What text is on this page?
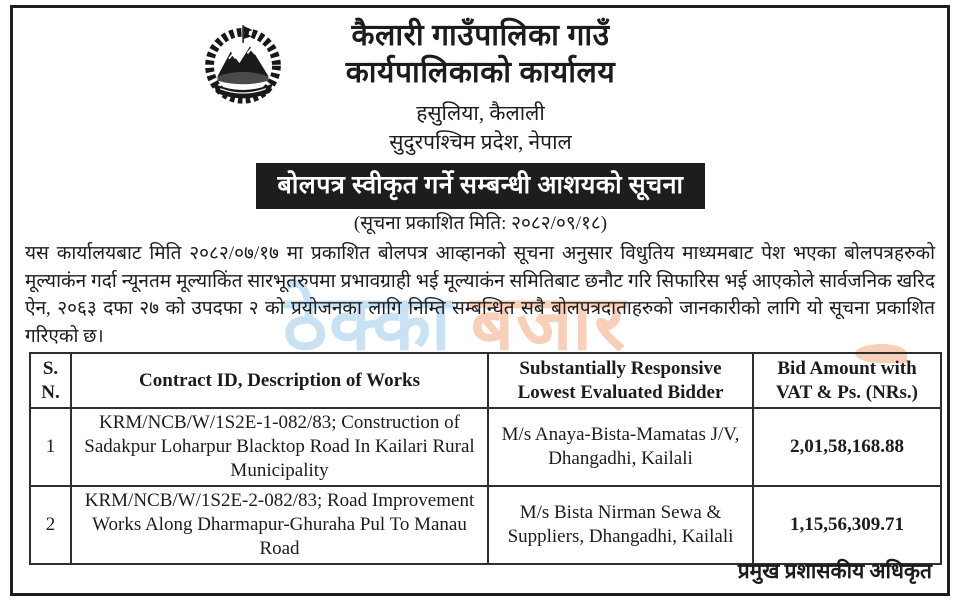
ठेक्का बजार
कैलारी गाउँपालिका गाउँ
कार्यपालिकाको कार्यालय
हसुलिया, कैलाली
सुदुरपश्चिम प्रदेश, नेपाल
बोलपत्र स्वीकृत गर्ने सम्बन्धी आशयको सूचना
(सूचना प्रकाशित मिति: २०८२/०९/१८)
यस कार्यालयबाट मिति २०८२/०७/१७ मा प्रकाशित बोलपत्र आव्हानको सूचना अनुसार विधुतिय माध्यमबाट पेश भएका बोलपत्रहरुको मूल्याकंन गर्दा न्यूनतम मूल्याकिंत सारभूतरुपमा प्रभावग्राही भई मूल्याकंन समितिबाट छनौट गरि सिफारिस भई आएकोले सार्वजनिक खरिद ऐन, २०६३ दफा २७ को उपदफा २ को प्रयोजनका लागि निम्ति सम्बन्धित सबै बोलपत्रदाताहरुको जानकारीको लागि यो सूचना प्रकाशित गरिएको छ।
S. N.	Contract ID, Description of Works	Substantially Responsive Lowest Evaluated Bidder	Bid Amount with VAT & Ps. (NRs.)
1	KRM/NCB/W/1S2E-1-082/83; Construction of Sadakpur Loharpur Blacktop Road In Kailari Rural Municipality	M/s Anaya-Bista-Mamatas J/V, Dhangadhi, Kailali	2,01,58,168.88
2	KRM/NCB/W/1S2E-2-082/83; Road Improvement Works Along Dharmapur-Ghuraha Pul To Manau Road	M/s Bista Nirman Sewa & Suppliers, Dhangadhi, Kailali	1,15,56,309.71
प्रमुख प्रशासकीय अधिकृत
